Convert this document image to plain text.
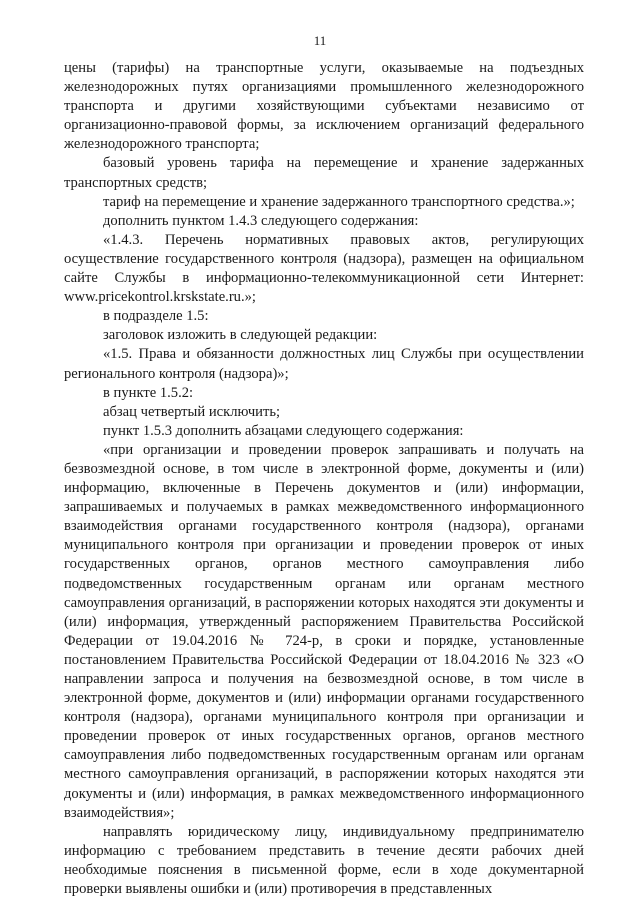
11

цены (тарифы) на транспортные услуги, оказываемые на подъездных железнодорожных путях организациями промышленного железнодорожного транспорта и другими хозяйствующими субъектами независимо от организационно-правовой формы, за исключением организаций федерального железнодорожного транспорта;

базовый уровень тарифа на перемещение и хранение задержанных транспортных средств;

тариф на перемещение и хранение задержанного транспортного средства.»;

дополнить пунктом 1.4.3 следующего содержания:

«1.4.3. Перечень нормативных правовых актов, регулирующих осуществление государственного контроля (надзора), размещен на официальном сайте Службы в информационно-телекоммуникационной сети Интернет: www.pricekontrol.krskstate.ru.»;

в подразделе 1.5:

заголовок изложить в следующей редакции:

«1.5. Права и обязанности должностных лиц Службы при осуществлении регионального контроля (надзора)»;

в пункте 1.5.2:

абзац четвертый исключить;

пункт 1.5.3 дополнить абзацами следующего содержания:

«при организации и проведении проверок запрашивать и получать на безвозмездной основе, в том числе в электронной форме, документы и (или) информацию, включенные в Перечень документов и (или) информации, запрашиваемых и получаемых в рамках межведомственного информационного взаимодействия органами государственного контроля (надзора), органами муниципального контроля при организации и проведении проверок от иных государственных органов, органов местного самоуправления либо подведомственных государственным органам или органам местного самоуправления организаций, в распоряжении которых находятся эти документы и (или) информация, утвержденный распоряжением Правительства Российской Федерации от 19.04.2016 № 724-р, в сроки и порядке, установленные постановлением Правительства Российской Федерации от 18.04.2016 № 323 «О направлении запроса и получения на безвозмездной основе, в том числе в электронной форме, документов и (или) информации органами государственного контроля (надзора), органами муниципального контроля при организации и проведении проверок от иных государственных органов, органов местного самоуправления либо подведомственных государственным органам или органам местного самоуправления организаций, в распоряжении которых находятся эти документы и (или) информация, в рамках межведомственного информационного взаимодействия»;

направлять юридическому лицу, индивидуальному предпринимателю информацию с требованием представить в течение десяти рабочих дней необходимые пояснения в письменной форме, если в ходе документарной проверки выявлены ошибки и (или) противоречия в представленных
